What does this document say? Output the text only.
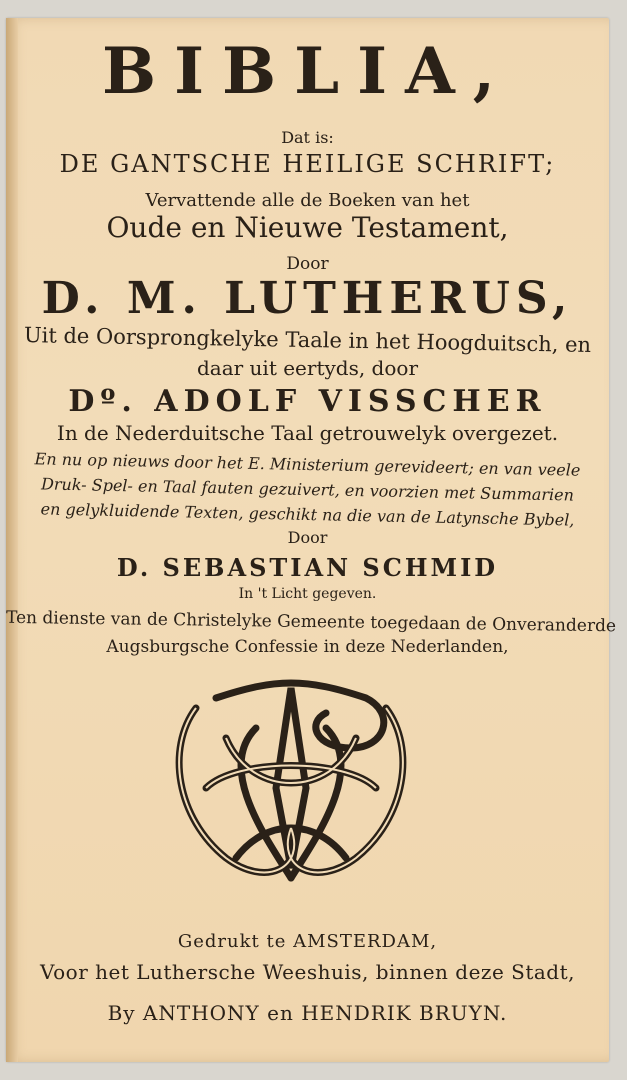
BIBLIA,
Dat is:
DE GANTSCHE HEILIGE SCHRIFT;
Vervattende alle de Boeken van het
Oude en Nieuwe Testament,
Door
D. M. LUTHERUS,
Uit de Oorsprongkelyke Taale in het Hoogduitsch, en
daar uit eertyds, door
Dº. ADOLF VISSCHER
In de Nederduitsche Taal getrouwelyk overgezet.
En nu op nieuws door het E. Ministerium gerevideert; en van veele
Druk- Spel- en Taal fauten gezuivert, en voorzien met Summarien
en gelykluidende Texten, geschikt na die van de Latynsche Bybel,
Door
D. SEBASTIAN SCHMID
In 't Licht gegeven.
Ten dienste van de Christelyke Gemeente toegedaan de Onveranderde
Augsburgsche Confessie in deze Nederlanden,
Gedrukt te AMSTERDAM,
Voor het Luthersche Weeshuis, binnen deze Stadt,
By ANTHONY en HENDRIK BRUYN.
